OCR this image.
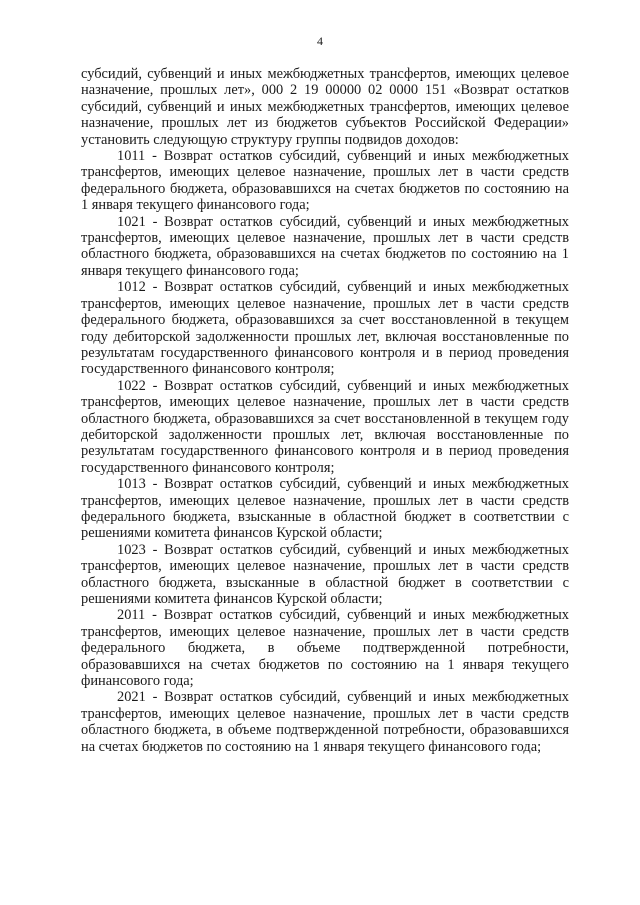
4

субсидий, субвенций и иных межбюджетных трансфертов, имеющих целевое назначение, прошлых лет», 000 2 19 00000 02 0000 151 «Возврат остатков субсидий, субвенций и иных межбюджетных трансфертов, имеющих целевое назначение, прошлых лет из бюджетов субъектов Российской Федерации» установить следующую структуру группы подвидов доходов:

1011 - Возврат остатков субсидий, субвенций и иных межбюджетных трансфертов, имеющих целевое назначение, прошлых лет в части средств федерального бюджета, образовавшихся на счетах бюджетов по состоянию на 1 января текущего финансового года;

1021 - Возврат остатков субсидий, субвенций и иных межбюджетных трансфертов, имеющих целевое назначение, прошлых лет в части средств областного бюджета, образовавшихся на счетах бюджетов по состоянию на 1 января текущего финансового года;

1012 - Возврат остатков субсидий, субвенций и иных межбюджетных трансфертов, имеющих целевое назначение, прошлых лет в части средств федерального бюджета, образовавшихся за счет восстановленной в текущем году дебиторской задолженности прошлых лет, включая восстановленные по результатам государственного финансового контроля и в период проведения государственного финансового контроля;

1022 - Возврат остатков субсидий, субвенций и иных межбюджетных трансфертов, имеющих целевое назначение, прошлых лет в части средств областного бюджета, образовавшихся за счет восстановленной в текущем году дебиторской задолженности прошлых лет, включая восстановленные по результатам государственного финансового контроля и в период проведения государственного финансового контроля;

1013 - Возврат остатков субсидий, субвенций и иных межбюджетных трансфертов, имеющих целевое назначение, прошлых лет в части средств федерального бюджета, взысканные в областной бюджет в соответствии с решениями комитета финансов Курской области;

1023 - Возврат остатков субсидий, субвенций и иных межбюджетных трансфертов, имеющих целевое назначение, прошлых лет в части средств областного бюджета, взысканные в областной бюджет в соответствии с решениями комитета финансов Курской области;

2011 - Возврат остатков субсидий, субвенций и иных межбюджетных трансфертов, имеющих целевое назначение, прошлых лет в части средств федерального бюджета, в объеме подтвержденной потребности, образовавшихся на счетах бюджетов по состоянию на 1 января текущего финансового года;

2021 - Возврат остатков субсидий, субвенций и иных межбюджетных трансфертов, имеющих целевое назначение, прошлых лет в части средств областного бюджета, в объеме подтвержденной потребности, образовавшихся на счетах бюджетов по состоянию на 1 января текущего финансового года;
